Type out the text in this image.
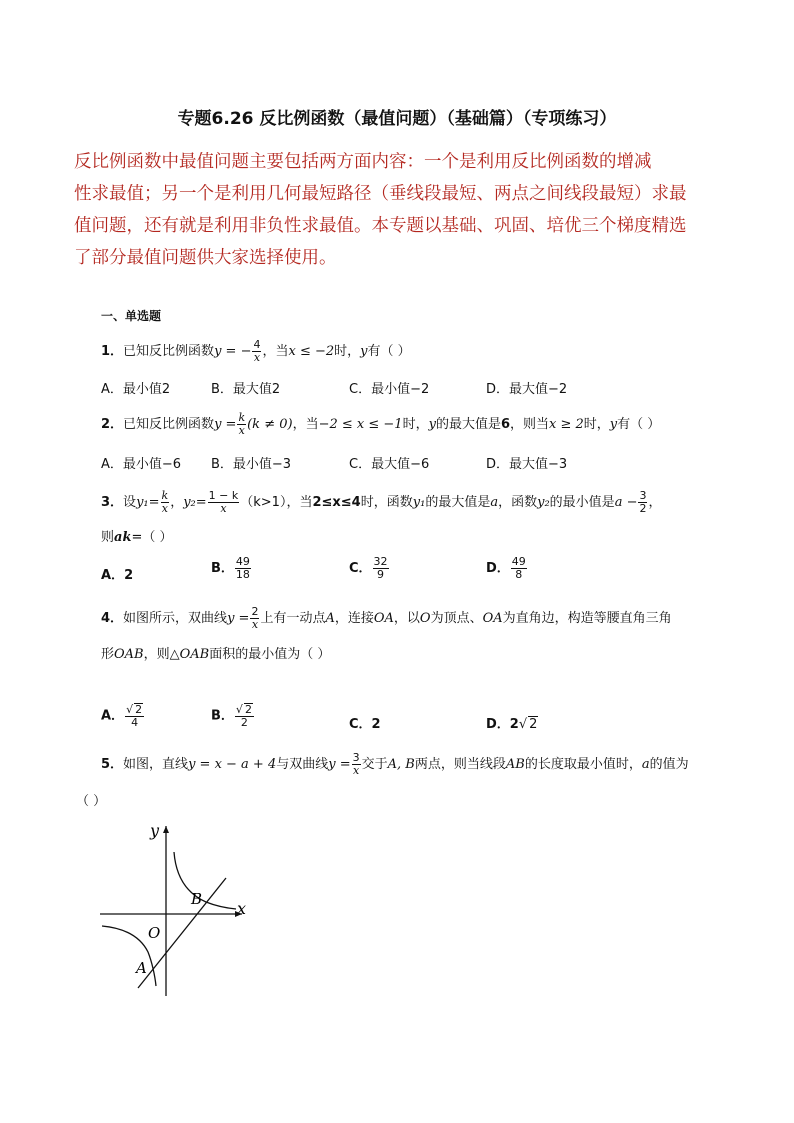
专题6.26 反比例函数（最值问题）（基础篇）（专项练习）

反比例函数中最值问题主要包括两方面内容：一个是利用反比例函数的增减

性求最值；另一个是利用几何最短路径（垂线段最短、两点之间线段最短）求最

值问题，还有就是利用非负性求最值。本专题以基础、巩固、培优三个梯度精选

了部分最值问题供大家选择使用。

一、单选题
1．已知反比例函数y = − $\frac{4}{x}$ ，当x ≤ −2时，y有（ ）
A．最小值2	B．最大值2	C．最小值−2	D．最大值−2
2．已知反比例函数$y = \frac{k}{x} (k \ne 0)$，当−2 ≤ x ≤ −1时，y的最大值是6，则当x ≥ 2时，y有（ ）
A．最小值−6 B．最小值−3	C．最大值−6	D．最大值−3
3．设$y_1= \frac{k}{x}$ ，$y_2= \frac{1 - k}{x} (k>1)$，当2≤x≤4时，函数y₁的最大值是a，函数y₂的最小值是$a - \frac{3}{2}$ ，
则ak=（ ）
A．2	B． $\frac{49}{18}$	C． $\frac{32}{9}$	D． $\frac{49}{8}$
4．如图所示，双曲线$y = \frac{2}{x}$ 上有一动点A，连接OA，以O为顶点、OA为直角边，构造等腰直角三角
形OAB，则△OAB面积的最小值为（ ）
A． $\frac{√ 2}{4}$	B． $\frac{√ 2}{2}$	C．2	D．2√ 2
5．如图，直线y = x − a + 4与双曲线$y = \frac{3}{x}$ 交于A, B两点，则当线段AB的长度取最小值时，a的值为
（ ）
y
x
O
A
B
